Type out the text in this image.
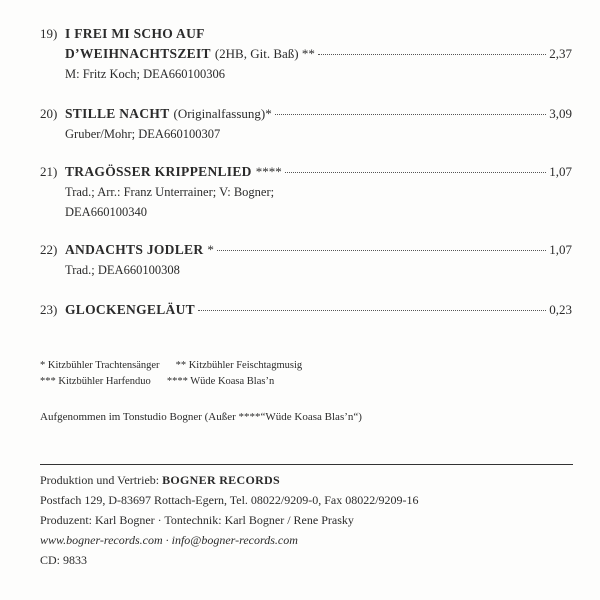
19) I FREI MI SCHO AUF
D’WEIHNACHTSZEIT (2HB, Git. Baß) **	2,37
M: Fritz Koch; DEA660100306
20) STILLE NACHT (Originalfassung)*	3,09
Gruber/Mohr; DEA660100307
21) TRAGÖSSER KRIPPENLIED ****	1,07
Trad.; Arr.: Franz Unterrainer; V: Bogner;
DEA660100340
22) ANDACHTS JODLER *	1,07
Trad.; DEA660100308
23) GLOCKENGELÄUT	0,23
* Kitzbühler Trachtensänger ** Kitzbühler Feischtagmusig
*** Kitzbühler Harfenduo **** Wüde Koasa Blas’n
Aufgenommen im Tonstudio Bogner (Außer ****“Wüde Koasa Blas’n“)
Produktion und Vertrieb: BOGNER RECORDS
Postfach 129, D-83697 Rottach-Egern, Tel. 08022/9209-0, Fax 08022/9209-16
Produzent: Karl Bogner · Tontechnik: Karl Bogner / Rene Prasky
www.bogner-records.com · info@bogner-records.com
CD: 9833
